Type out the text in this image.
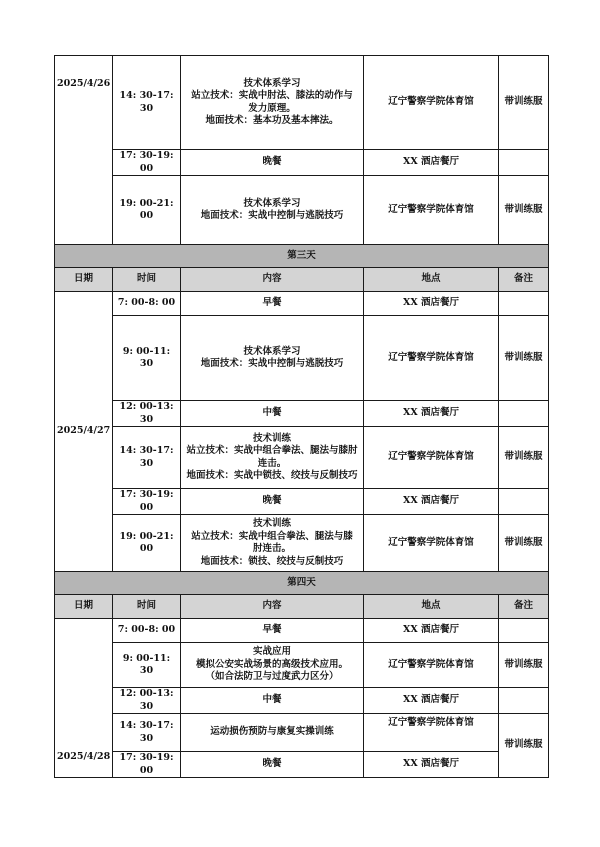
2025/4/26	14: 30-17: 30	技术体系学习
站立技术：实战中肘法、膝法的动作与
发力原理。
地面技术：基本功及基本摔法。	辽宁警察学院体育馆	带训练服
	17: 30-19: 00	晚餐	XX 酒店餐厅	
	19: 00-21: 00	技术体系学习
地面技术：实战中控制与逃脱技巧	辽宁警察学院体育馆	带训练服
第三天				
日期	时间	内容	地点	备注
2025/4/27	7: 00-8: 00	早餐	XX 酒店餐厅	
	9: 00-11: 30	技术体系学习
地面技术：实战中控制与逃脱技巧	辽宁警察学院体育馆	带训练服
	12: 00-13: 30	中餐	XX 酒店餐厅	
	14: 30-17: 30	技术训练
站立技术：实战中组合拳法、腿法与膝肘
连击。
地面技术：实战中锁技、绞技与反制技巧	辽宁警察学院体育馆	带训练服
	17: 30-19: 00	晚餐	XX 酒店餐厅	
	19: 00-21: 00	技术训练
站立技术：实战中组合拳法、腿法与膝
肘连击。
地面技术：锁技、绞技与反制技巧	辽宁警察学院体育馆	带训练服
第四天				
日期	时间	内容	地点	备注
2025/4/28	7: 00-8: 00	早餐	XX 酒店餐厅	
	9: 00-11: 30	实战应用
模拟公安实战场景的高级技术应用。
（如合法防卫与过度武力区分）	辽宁警察学院体育馆	带训练服
	12: 00-13: 30	中餐	XX 酒店餐厅	
	14: 30-17: 30	运动损伤预防与康复实操训练	辽宁警察学院体育馆	带训练服
	17: 30-19: 00	晚餐	XX 酒店餐厅	
